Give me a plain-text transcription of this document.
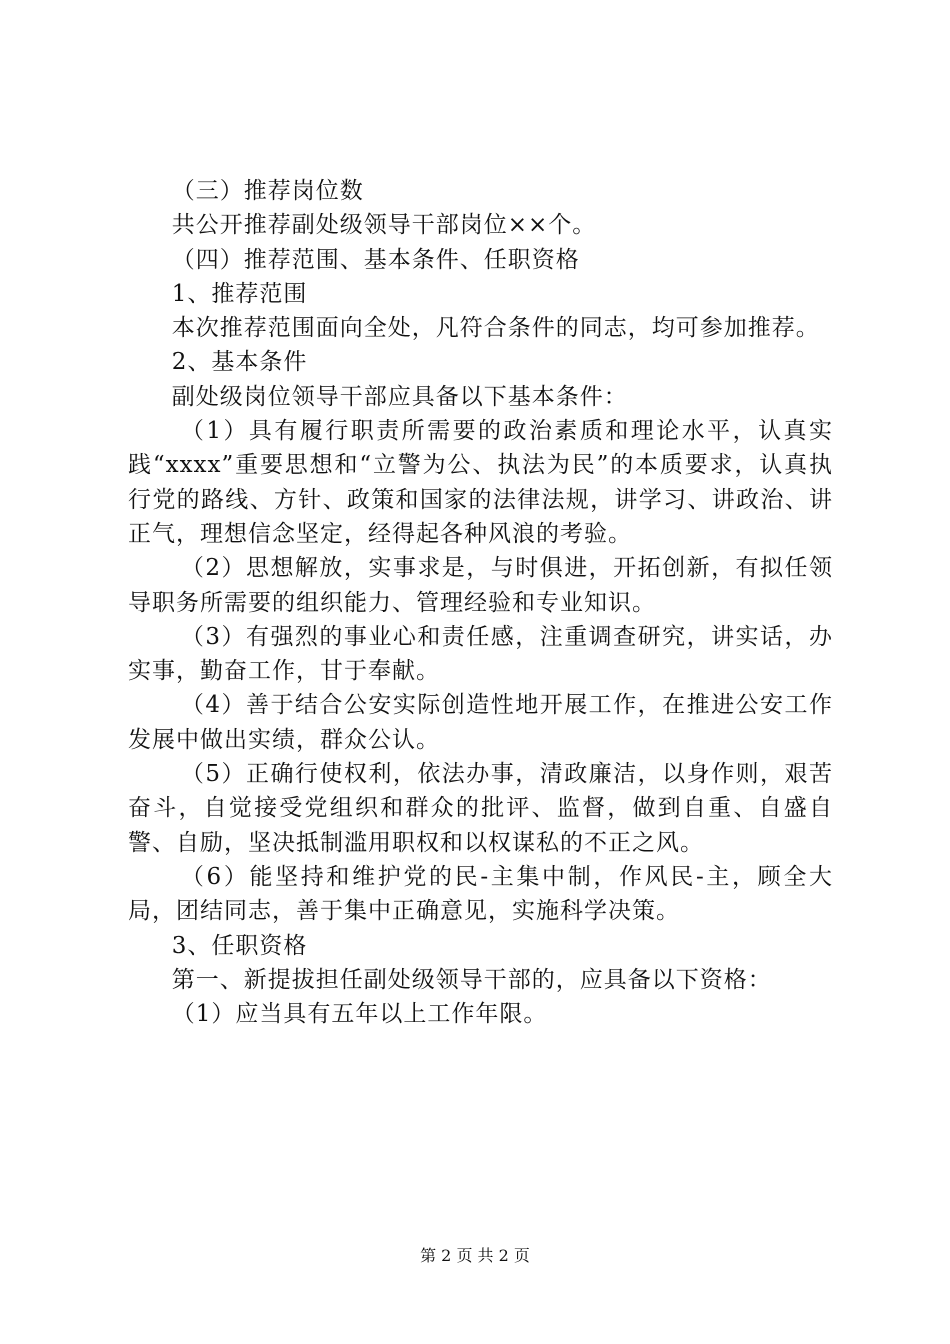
（三）推荐岗位数

共公开推荐副处级领导干部岗位××个。

（四）推荐范围、基本条件、任职资格

1、推荐范围

本次推荐范围面向全处，凡符合条件的同志，均可参加推荐。

2、基本条件

副处级岗位领导干部应具备以下基本条件：

（1）具有履行职责所需要的政治素质和理论水平，认真实践“xxxx”重要思想和“立警为公、执法为民”的本质要求，认真执行党的路线、方针、政策和国家的法律法规，讲学习、讲政治、讲正气，理想信念坚定，经得起各种风浪的考验。

（2）思想解放，实事求是，与时俱进，开拓创新，有拟任领导职务所需要的组织能力、管理经验和专业知识。

（3）有强烈的事业心和责任感，注重调查研究，讲实话，办实事，勤奋工作，甘于奉献。

（4）善于结合公安实际创造性地开展工作，在推进公安工作发展中做出实绩，群众公认。

（5）正确行使权利，依法办事，清政廉洁，以身作则，艰苦奋斗，自觉接受党组织和群众的批评、监督，做到自重、自盛自警、自励，坚决抵制滥用职权和以权谋私的不正之风。

（6）能坚持和维护党的民-主集中制，作风民-主，顾全大局，团结同志，善于集中正确意见，实施科学决策。

3、任职资格

第一、新提拔担任副处级领导干部的，应具备以下资格：

（1）应当具有五年以上工作年限。

第 2 页 共 2 页
